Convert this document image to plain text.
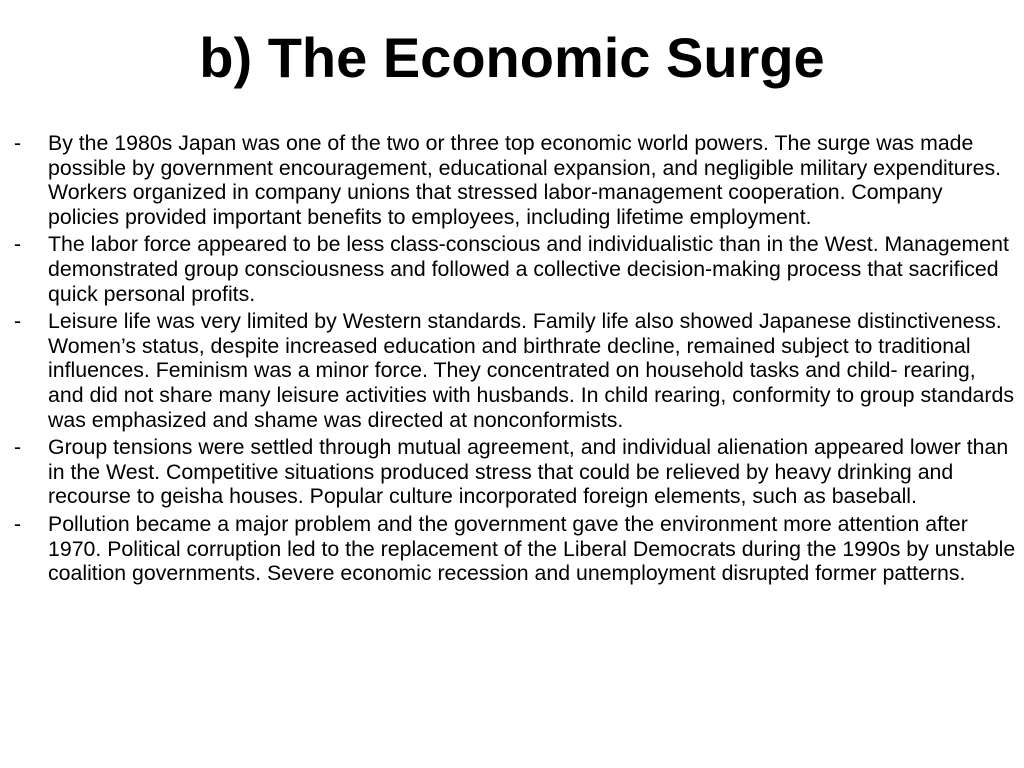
b) The Economic Surge
-	By the 1980s Japan was one of the two or three top economic world powers. The surge was made possible by government encouragement, educational expansion, and negligible military expenditures. Workers organized in company unions that stressed labor-management cooperation. Company policies provided important benefits to employees, including lifetime employment.
-	The labor force appeared to be less class-conscious and individualistic than in the West. Management demonstrated group consciousness and followed a collective decision-making process that sacrificed quick personal profits.
-	Leisure life was very limited by Western standards. Family life also showed Japanese distinctiveness. Women’s status, despite increased education and birthrate decline, remained subject to traditional influences. Feminism was a minor force. They concentrated on household tasks and child- rearing, and did not share many leisure activities with husbands. In child rearing, conformity to group standards was emphasized and shame was directed at nonconformists.
-	Group tensions were settled through mutual agreement, and individual alienation appeared lower than in the West. Competitive situations produced stress that could be relieved by heavy drinking and recourse to geisha houses. Popular culture incorporated foreign elements, such as baseball.
-	Pollution became a major problem and the government gave the environment more attention after 1970. Political corruption led to the replacement of the Liberal Democrats during the 1990s by unstable coalition governments. Severe economic recession and unemployment disrupted former patterns.
